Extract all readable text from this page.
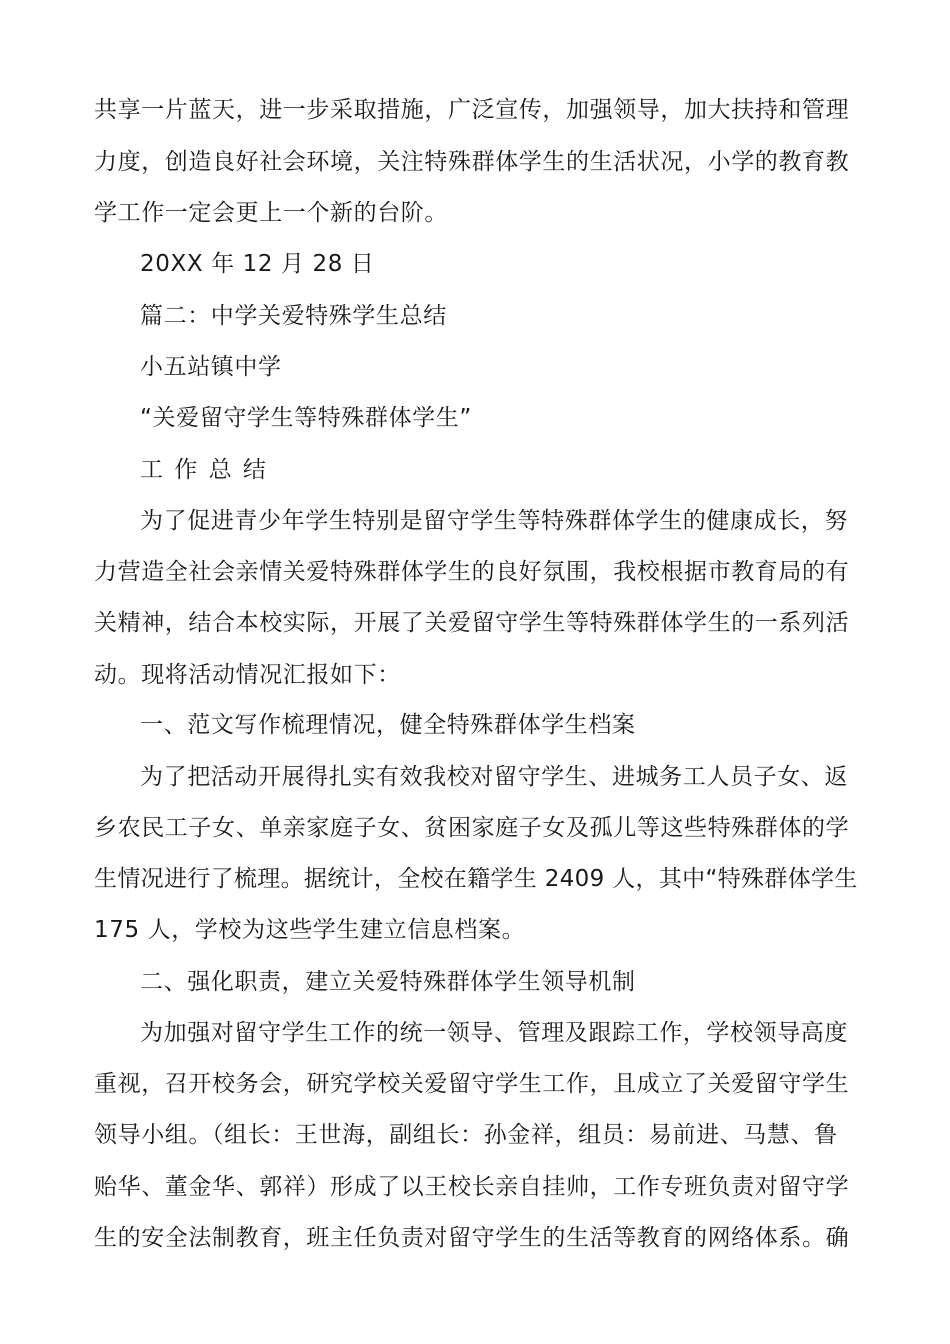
共享一片蓝天，进一步采取措施，广泛宣传，加强领导，加大扶持和管理
力度，创造良好社会环境，关注特殊群体学生的生活状况，小学的教育教
学工作一定会更上一个新的台阶。
20XX 年 12 月 28 日
篇二：中学关爱特殊学生总结
小五站镇中学
“关爱留守学生等特殊群体学生”
工 作 总 结
为了促进青少年学生特别是留守学生等特殊群体学生的健康成长，努
力营造全社会亲情关爱特殊群体学生的良好氛围，我校根据市教育局的有
关精神，结合本校实际，开展了关爱留守学生等特殊群体学生的一系列活
动。现将活动情况汇报如下：
一、范文写作梳理情况，健全特殊群体学生档案
为了把活动开展得扎实有效我校对留守学生、进城务工人员子女、返
乡农民工子女、单亲家庭子女、贫困家庭子女及孤儿等这些特殊群体的学
生情况进行了梳理。据统计，全校在籍学生 2409 人，其中“特殊群体学生
175 人，学校为这些学生建立信息档案。
二、强化职责，建立关爱特殊群体学生领导机制
为加强对留守学生工作的统一领导、管理及跟踪工作，学校领导高度
重视，召开校务会，研究学校关爱留守学生工作，且成立了关爱留守学生
领导小组。（组长：王世海，副组长：孙金祥，组员：易前进、马慧、鲁
贻华、董金华、郭祥）形成了以王校长亲自挂帅，工作专班负责对留守学
生的安全法制教育，班主任负责对留守学生的生活等教育的网络体系。确
